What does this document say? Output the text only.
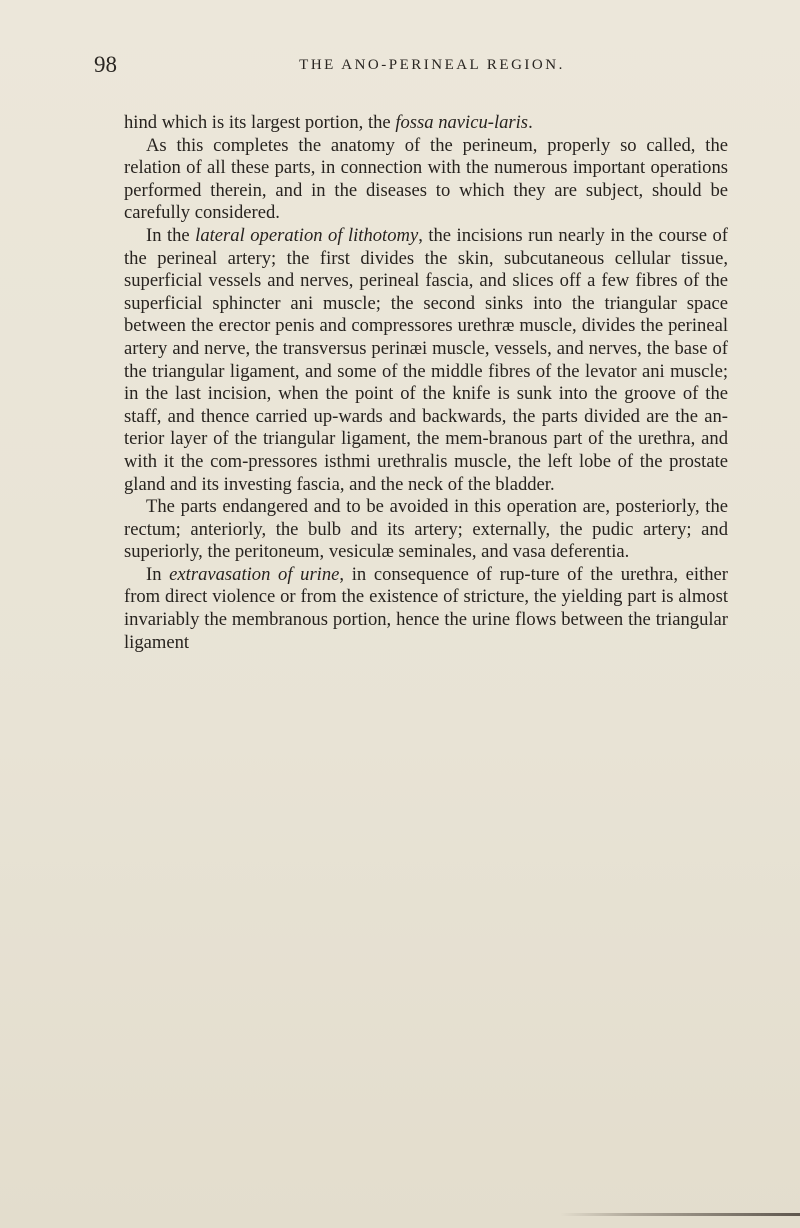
98	THE ANO-PERINEAL REGION.

hind which is its largest portion, the fossa navicu-laris.

As this completes the anatomy of the perineum, properly so called, the relation of all these parts, in connection with the numerous important operations performed therein, and in the diseases to which they are subject, should be carefully considered.

In the lateral operation of lithotomy, the incisions run nearly in the course of the perineal artery; the first divides the skin, subcutaneous cellular tissue, superficial vessels and nerves, perineal fascia, and slices off a few fibres of the superficial sphincter ani muscle; the second sinks into the triangular space between the erector penis and compressores urethræ muscle, divides the perineal artery and nerve, the transversus perinæi muscle, vessels, and nerves, the base of the triangular ligament, and some of the middle fibres of the levator ani muscle; in the last incision, when the point of the knife is sunk into the groove of the staff, and thence carried up-wards and backwards, the parts divided are the an-terior layer of the triangular ligament, the mem-branous part of the urethra, and with it the com-pressores isthmi urethralis muscle, the left lobe of the prostate gland and its investing fascia, and the neck of the bladder.

The parts endangered and to be avoided in this operation are, posteriorly, the rectum; anteriorly, the bulb and its artery; externally, the pudic artery; and superiorly, the peritoneum, vesiculæ seminales, and vasa deferentia.

In extravasation of urine, in consequence of rup-ture of the urethra, either from direct violence or from the existence of stricture, the yielding part is almost invariably the membranous portion, hence the urine flows between the triangular ligament
